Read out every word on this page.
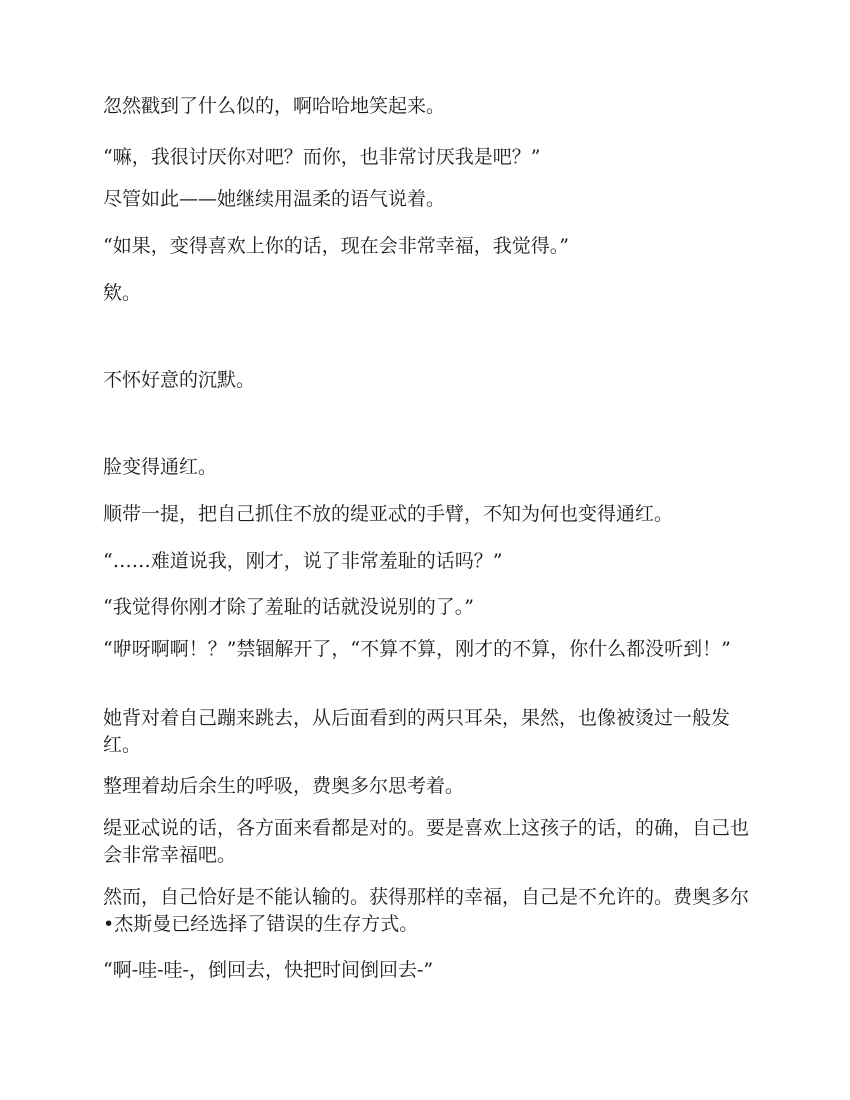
忽然戳到了什么似的，啊哈哈地笑起来。

“嘛，我很讨厌你对吧？而你，也非常讨厌我是吧？”

尽管如此——她继续用温柔的语气说着。

“如果，变得喜欢上你的话，现在会非常幸福，我觉得。”

欸。

不怀好意的沉默。

脸变得通红。

顺带一提，把自己抓住不放的缇亚忒的手臂，不知为何也变得通红。

“……难道说我，刚才，说了非常羞耻的话吗？”

“我觉得你刚才除了羞耻的话就没说别的了。”

“咿呀啊啊！？”禁锢解开了，“不算不算，刚才的不算，你什么都没听到！”

她背对着自己蹦来跳去，从后面看到的两只耳朵，果然，也像被烫过一般发红。

整理着劫后余生的呼吸，费奥多尔思考着。

缇亚忒说的话，各方面来看都是对的。要是喜欢上这孩子的话，的确，自己也会非常幸福吧。

然而，自己恰好是不能认输的。获得那样的幸福，自己是不允许的。费奥多尔•杰斯曼已经选择了错误的生存方式。

“啊-哇-哇-，倒回去，快把时间倒回去-”
